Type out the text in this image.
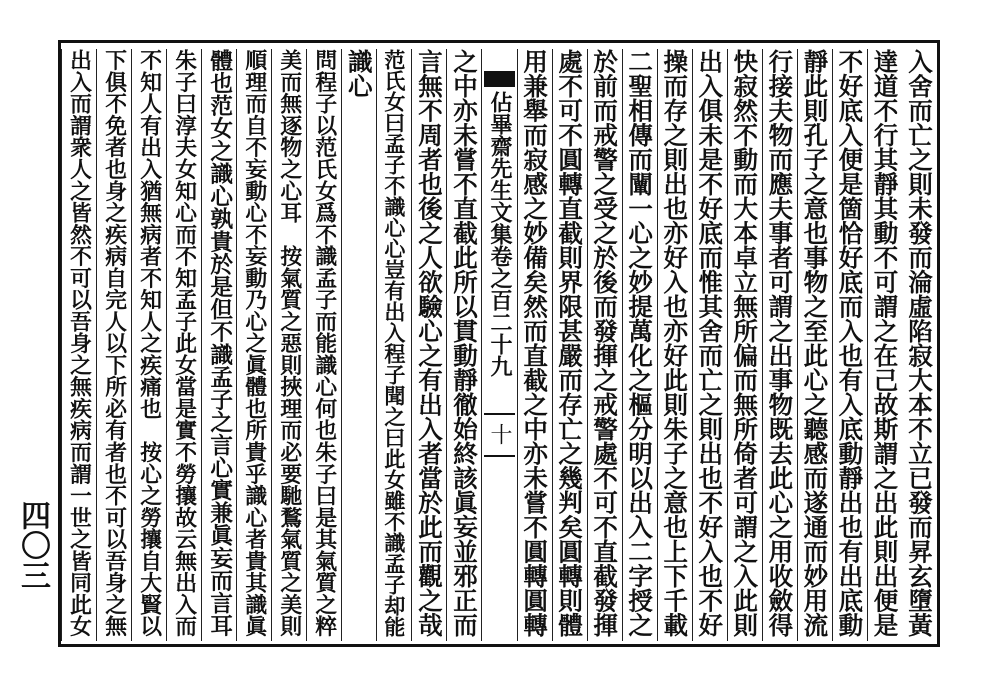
四〇三	入舍而亡之則未發而淪虛陷寂大本不立已發而昇玄墮黃
達道不行其靜其動不可謂之在己故斯謂之出此則出便是
不好底入便是箇恰好底而入也有入底動靜出也有出底動
靜此則孔子之意也事物之至此心之聽感而遂通而妙用流
行接夫物而應夫事者可謂之出事物既去此心之用收斂得
快寂然不動而大本卓立無所偏而無所倚者可謂之入此則
出入俱未是不好底而惟其舍而亡之則出也不好入也不好
操而存之則出也亦好入也亦好此則朱子之意也上下千載
二聖相傳而闡一心之妙提萬化之樞分明以出入二字授之
於前而戒警之受之於後而發揮之戒警處不可不直截發揮
處不可不圓轉直截則界限甚嚴而存亡之幾判矣圓轉則體
用兼舉而寂感之妙備矣然而直截之中亦未嘗不圓轉圓轉
佔畢齋先生文集卷之百二十九
十
之中亦未嘗不直截此所以貫動靜徹始終該眞妄並邪正而
言無不周者也後之人欲驗心之有出入者當於此而觀之哉
范氏女曰孟子不識心心豈有出入程子聞之曰此女雖不識孟子却能
識心
問程子以范氏女爲不識孟子而能識心何也朱子曰是其氣質之粹
美而無逐物之心耳　按氣質之惡則挾理而必要馳鶩氣質之美則
順理而自不妄動心不妄動乃心之眞體也所貴乎識心者貴其識眞
體也范女之識心孰貴於是但不識孟子之言心實兼眞妄而言耳
朱子曰淳夫女知心而不知孟子此女當是實不勞攘故云無出入而
不知人有出入猶無病者不知人之疾痛也　按心之勞攘自大賢以
下俱不免者也身之疾病自完人以下所必有者也不可以吾身之無
出入而謂衆人之皆然不可以吾身之無疾病而謂一世之皆同此女
